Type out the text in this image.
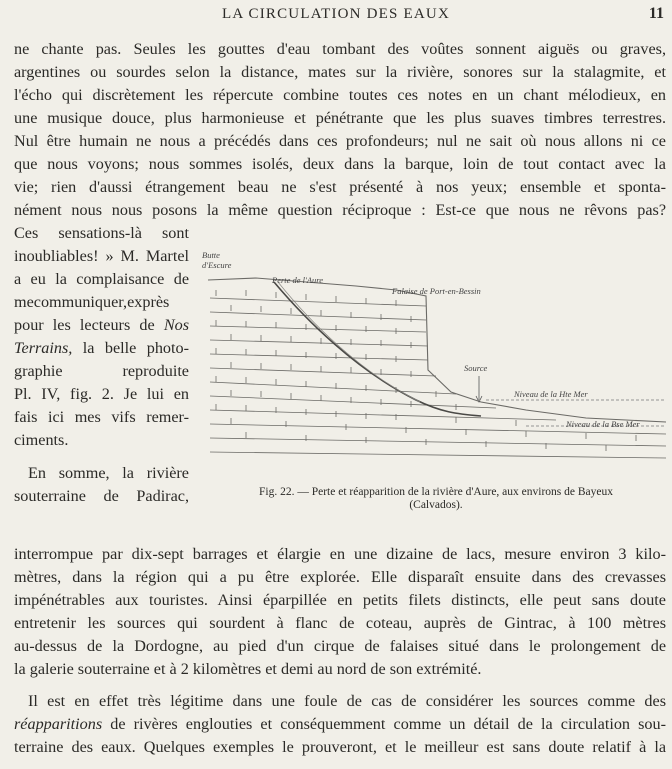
LA CIRCULATION DES EAUX	11
ne chante pas. Seules les gouttes d'eau tombant des voûtes sonnent aiguës ou graves,
argentines ou sourdes selon la distance, mates sur la rivière, sonores sur la stalagmite, et
l'écho qui discrètement les répercute combine toutes ces notes en un chant mélodieux, en
une musique douce, plus harmonieuse et pénétrante que les plus suaves timbres terrestres.
Nul être humain ne nous a précédés dans ces profondeurs; nul ne sait où nous allons ni ce
que nous voyons; nous sommes isolés, deux dans la barque, loin de tout contact avec la
vie; rien d'aussi étrangement beau ne s'est présenté à nos yeux; ensemble et sponta-
nément nous nous posons la même question réciproque : Est-ce que nous ne rêvons pas?
Ces sensations-là sont
inoubliables! » M. Martel
a eu la complaisance de
mecommuniquer,exprès
pour les lecteurs de Nos
Terrains, la belle photo-
graphie reproduite
Pl. IV, fig. 2. Je lui en
fais ici mes vifs remer-
ciments.
En somme, la rivière
souterraine de Padirac,
Butte
d'Escure
Perte de l'Aure
Falaise de Port-en-Bessin
Source
Niveau de la Hte Mer
Niveau de la Bse Mer
Fig. 22. — Perte et réapparition de la rivière d'Aure, aux environs de Bayeux
(Calvados).
interrompue par dix-sept barrages et élargie en une dizaine de lacs, mesure environ 3 kilo-
mètres, dans la région qui a pu être explorée. Elle disparaît ensuite dans des crevasses
impénétrables aux touristes. Ainsi éparpillée en petits filets distincts, elle peut sans doute
entretenir les sources qui sourdent à flanc de coteau, auprès de Gintrac, à 100 mètres
au-dessus de la Dordogne, au pied d'un cirque de falaises situé dans le prolongement de
la galerie souterraine et à 2 kilomètres et demi au nord de son extrémité.
Il est en effet très légitime dans une foule de cas de considérer les sources comme des
réapparitions de rivères englouties et conséquemment comme un détail de la circulation sou-
terraine des eaux. Quelques exemples le prouveront, et le meilleur est sans doute relatif à la
